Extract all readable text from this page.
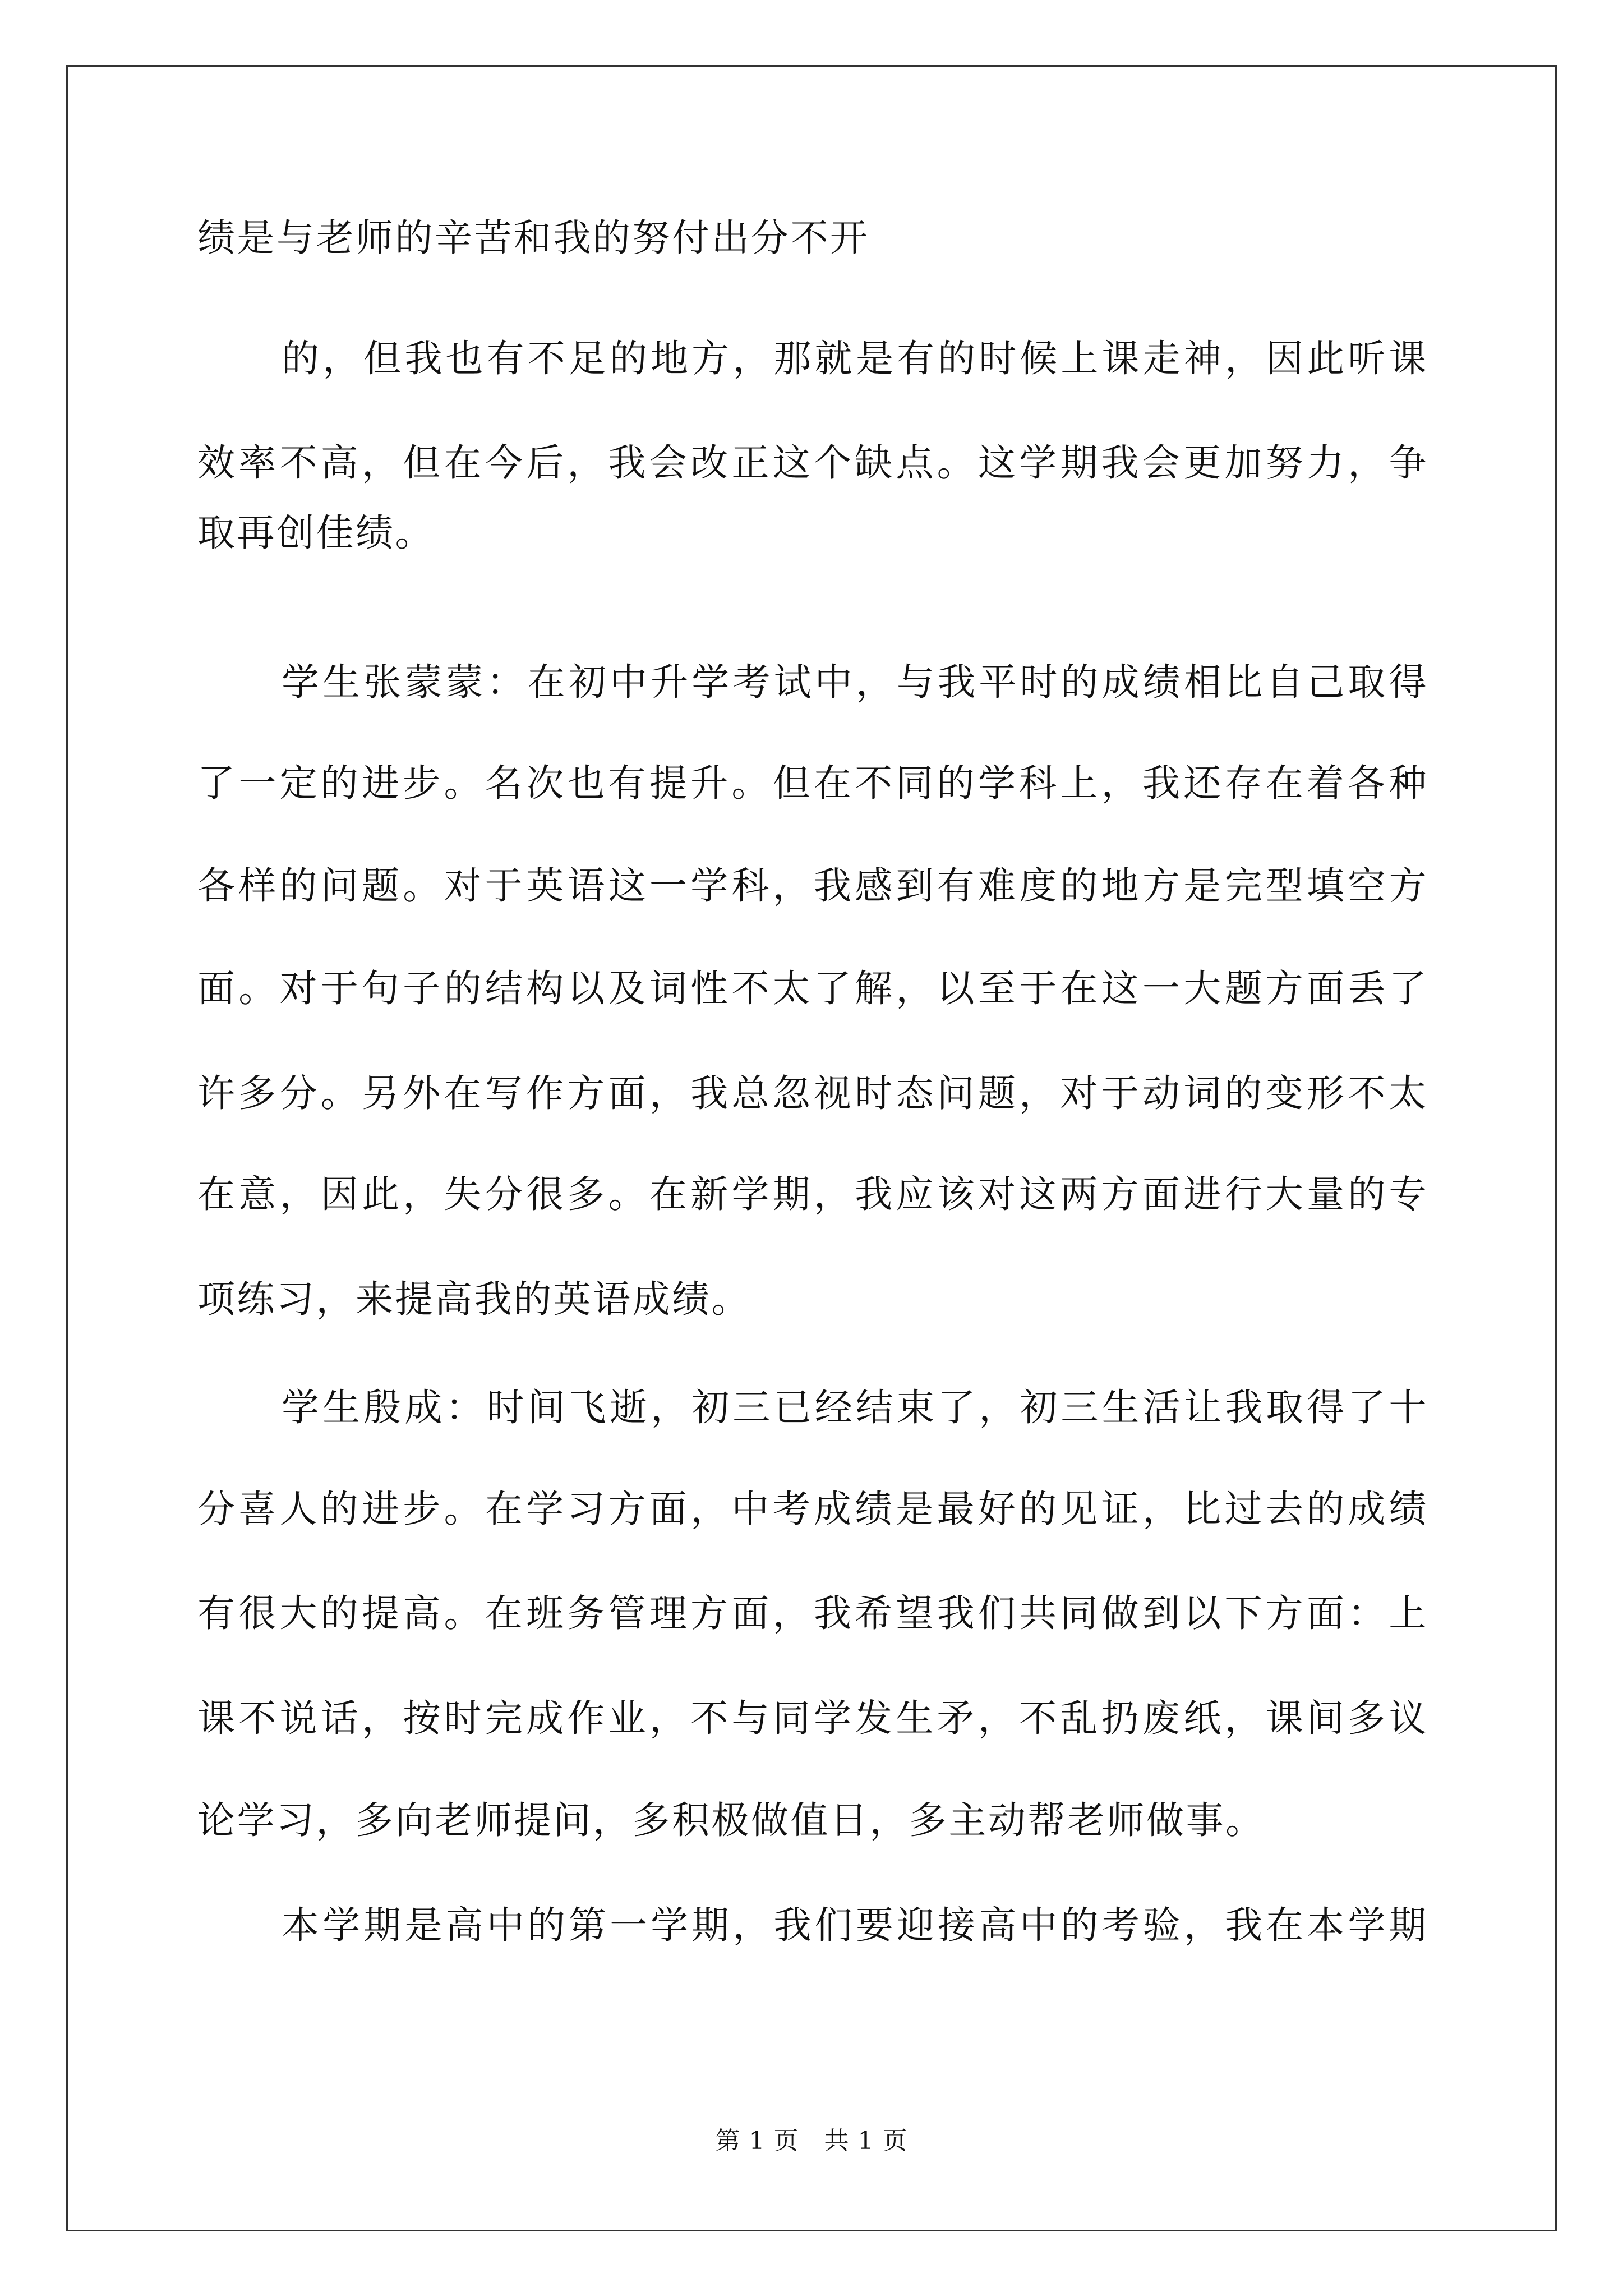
绩是与老师的辛苦和我的努付出分不开
的，但我也有不足的地方，那就是有的时候上课走神，因此听课
效率不高，但在今后，我会改正这个缺点。这学期我会更加努力，争
取再创佳绩。
学生张蒙蒙：在初中升学考试中，与我平时的成绩相比自己取得
了一定的进步。名次也有提升。但在不同的学科上，我还存在着各种
各样的问题。对于英语这一学科，我感到有难度的地方是完型填空方
面。对于句子的结构以及词性不太了解，以至于在这一大题方面丢了
许多分。另外在写作方面，我总忽视时态问题，对于动词的变形不太
在意，因此，失分很多。在新学期，我应该对这两方面进行大量的专
项练习，来提高我的英语成绩。
学生殷成：时间飞逝，初三已经结束了，初三生活让我取得了十
分喜人的进步。在学习方面，中考成绩是最好的见证，比过去的成绩
有很大的提高。在班务管理方面，我希望我们共同做到以下方面：上
课不说话，按时完成作业，不与同学发生矛，不乱扔废纸，课间多议
论学习，多向老师提问，多积极做值日，多主动帮老师做事。
本学期是高中的第一学期，我们要迎接高中的考验，我在本学期
第 1 页　共 1 页
